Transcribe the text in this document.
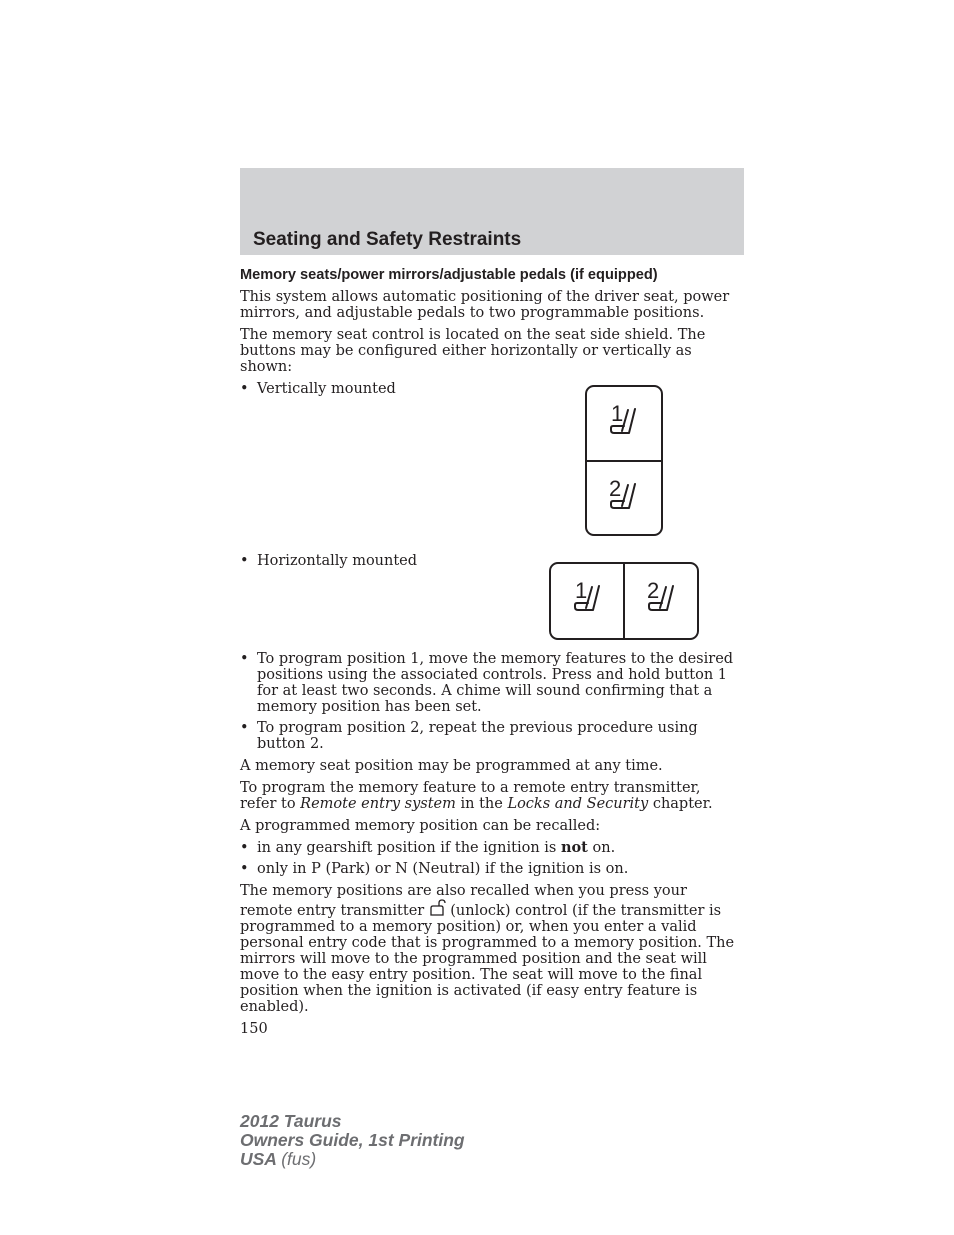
Seating and Safety Restraints
Memory seats/power mirrors/adjustable pedals (if equipped)

This system allows automatic positioning of the driver seat, power mirrors, and adjustable pedals to two programmable positions.

The memory seat control is located on the seat side shield. The buttons may be configured either horizontally or vertically as shown:

• Vertically mounted
1
2
• Horizontally mounted
1	2
• To program position 1, move the memory features to the desired positions using the associated controls. Press and hold button 1 for at least two seconds. A chime will sound confirming that a memory position has been set.
• To program position 2, repeat the previous procedure using button 2.

A memory seat position may be programmed at any time.

To program the memory feature to a remote entry transmitter, refer to Remote entry system in the Locks and Security chapter.

A programmed memory position can be recalled:

• in any gearshift position if the ignition is not on.
• only in P (Park) or N (Neutral) if the ignition is on.

The memory positions are also recalled when you press your remote entry transmitter (unlock) control (if the transmitter is programmed to a memory position) or, when you enter a valid personal entry code that is programmed to a memory position. The mirrors will move to the programmed position and the seat will move to the easy entry position. The seat will move to the final position when the ignition is activated (if easy entry feature is enabled).

150
2012 Taurus
Owners Guide, 1st Printing
USA (fus)
